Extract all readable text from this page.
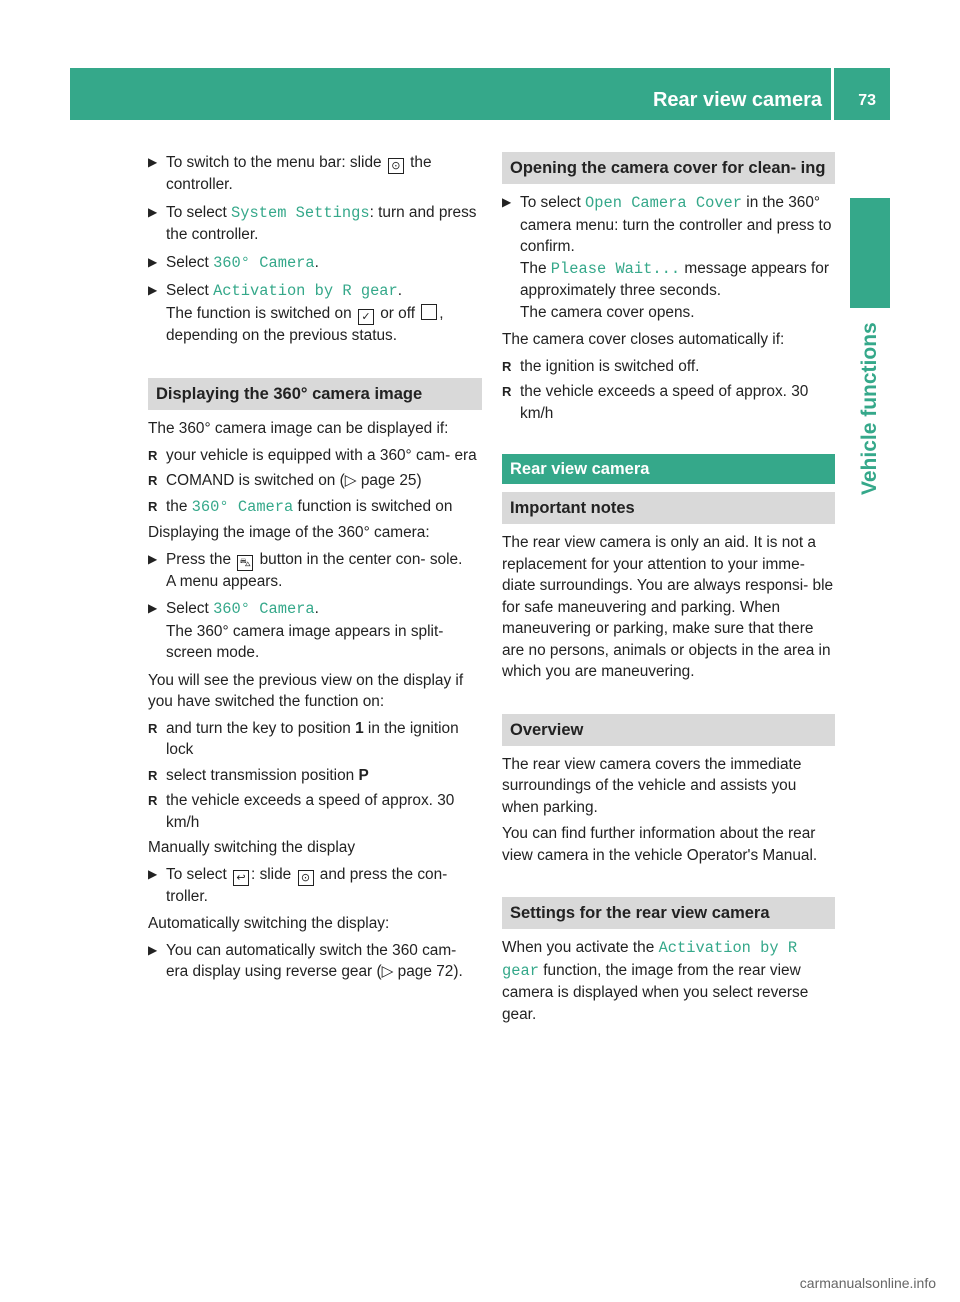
Rear view camera 73
Vehicle functions
▶ To switch to the menu bar: slide ⊙ the controller.
▶ To select System Settings: turn and press the controller.
▶ Select 360° Camera.
▶ Select Activation by R gear.
The function is switched on ✓ or off ,
depending on the previous status.
Displaying the 360° camera image

The 360° camera image can be displayed if:

R your vehicle is equipped with a 360° cam- era
R COMAND is switched on (▷ page 25)
R the 360° Camera function is switched on

Displaying the image of the 360° camera:

▶ Press the ⛍ button in the center con- sole.
A menu appears.
▶ Select 360° Camera.
The 360° camera image appears in split- screen mode.

You will see the previous view on the display if you have switched the function on:

R and turn the key to position 1 in the ignition lock
R select transmission position P
R the vehicle exceeds a speed of approx. 30 km/h

Manually switching the display

▶ To select ↩ : slide ⊙ and press the con- troller.

Automatically switching the display:

▶ You can automatically switch the 360 cam- era display using reverse gear (▷ page 72).
Opening the camera cover for clean- ing
▶ To select Open Camera Cover in the 360° camera menu: turn the controller and press to confirm.
The Please Wait... message appears for approximately three seconds.
The camera cover opens.

The camera cover closes automatically if:

R the ignition is switched off.
R the vehicle exceeds a speed of approx. 30 km/h
Rear view camera
Important notes

The rear view camera is only an aid. It is not a replacement for your attention to your imme- diate surroundings. You are always responsi- ble for safe maneuvering and parking. When maneuvering or parking, make sure that there are no persons, animals or objects in the area in which you are maneuvering.

Overview

The rear view camera covers the immediate surroundings of the vehicle and assists you when parking.

You can find further information about the rear view camera in the vehicle Operator's Manual.

Settings for the rear view camera

When you activate the Activation by R gear function, the image from the rear view camera is displayed when you select reverse gear.

carmanualsonline.info
